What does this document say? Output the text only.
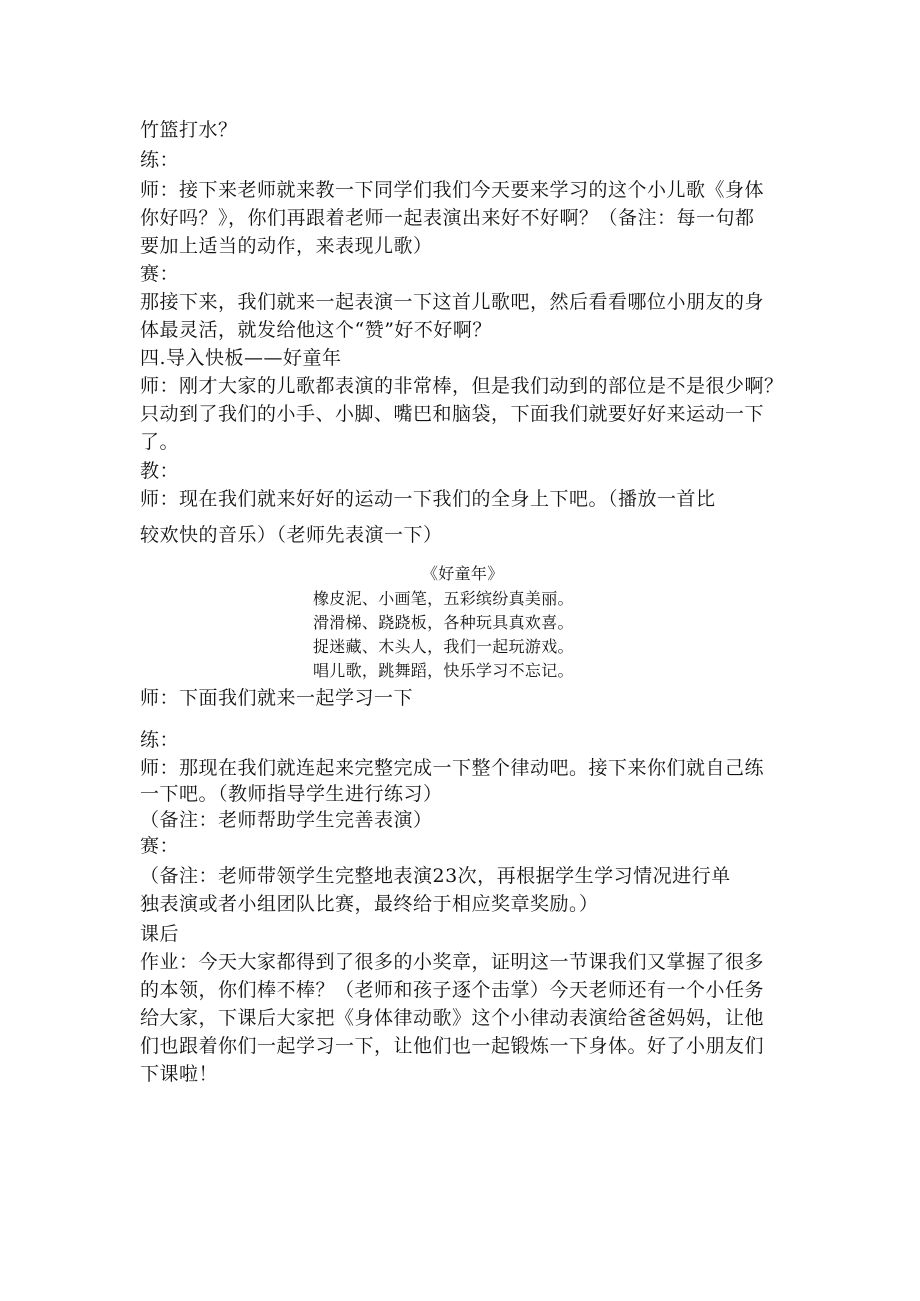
竹篮打水？
练：
师：接下来老师就来教一下同学们我们今天要来学习的这个小儿歌《身体
你好吗？》，你们再跟着老师一起表演出来好不好啊？（备注：每一句都
要加上适当的动作，来表现儿歌）
赛：
那接下来，我们就来一起表演一下这首儿歌吧，然后看看哪位小朋友的身
体最灵活，就发给他这个“赞”好不好啊？
四.导入快板——好童年
师：刚才大家的儿歌都表演的非常棒，但是我们动到的部位是不是很少啊？
只动到了我们的小手、小脚、嘴巴和脑袋，下面我们就要好好来运动一下
了。
教：
师：现在我们就来好好的运动一下我们的全身上下吧。（播放一首比
较欢快的音乐）（老师先表演一下）
《好童年》
橡皮泥、小画笔，五彩缤纷真美丽。
滑滑梯、跷跷板，各种玩具真欢喜。
捉迷藏、木头人，我们一起玩游戏。
唱儿歌，跳舞蹈，快乐学习不忘记。
师：下面我们就来一起学习一下
练：
师：那现在我们就连起来完整完成一下整个律动吧。接下来你们就自己练
一下吧。（教师指导学生进行练习）
（备注：老师帮助学生完善表演）
赛：
（备注：老师带领学生完整地表演23次，再根据学生学习情况进行单
独表演或者小组团队比赛，最终给于相应奖章奖励。）
课后
作业：今天大家都得到了很多的小奖章，证明这一节课我们又掌握了很多
的本领，你们棒不棒？（老师和孩子逐个击掌）今天老师还有一个小任务
给大家，下课后大家把《身体律动歌》这个小律动表演给爸爸妈妈，让他
们也跟着你们一起学习一下，让他们也一起锻炼一下身体。好了小朋友们
下课啦！
